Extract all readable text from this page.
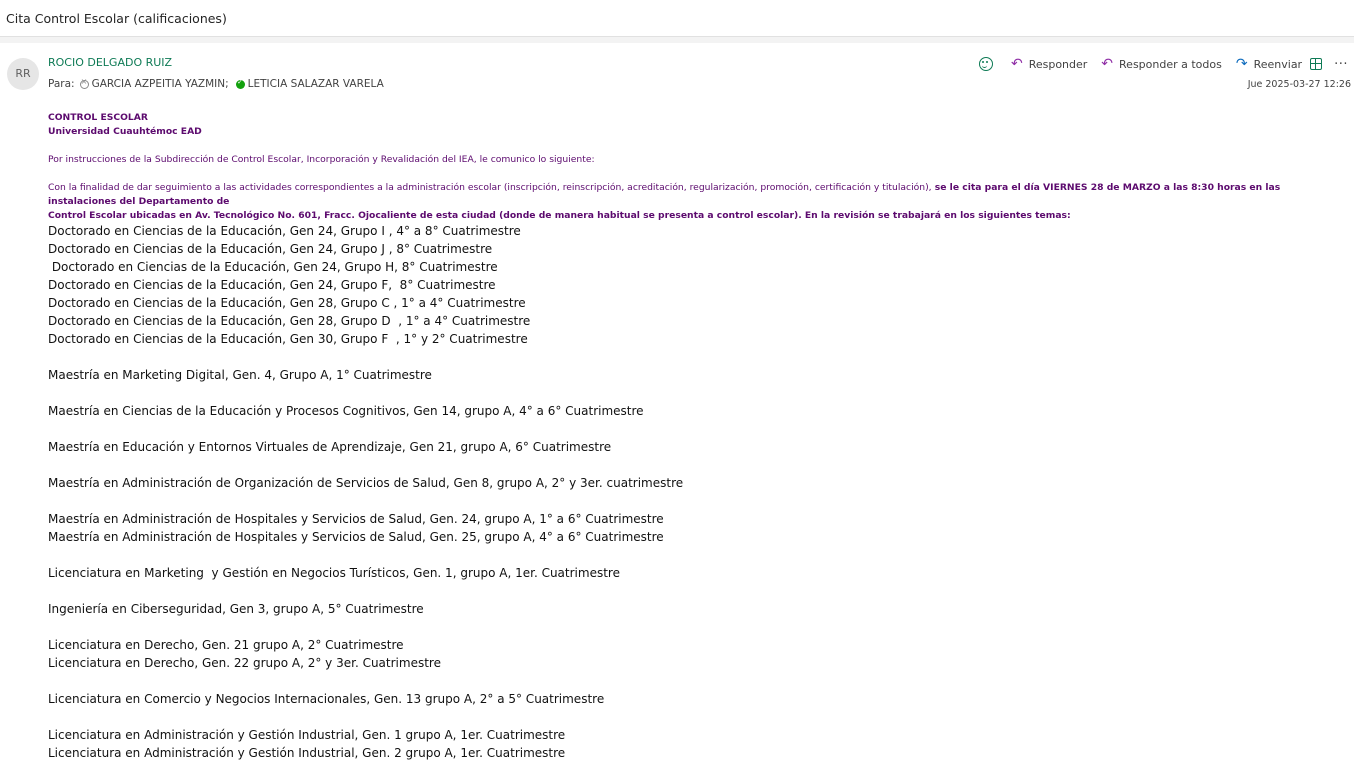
Cita Control Escolar (calificaciones)
RR
ROCIO DELGADO RUIZ
Para: × GARCIA AZPEITIA YAZMIN; ✓ LETICIA SALAZAR VARELA
↶ Responder ↶ Responder a todos ↷ Reenviar ···
Jue 2025-03-27 12:26
CONTROL ESCOLAR
Universidad Cuauhtémoc EAD
Por instrucciones de la Subdirección de Control Escolar, Incorporación y Revalidación del IEA, le comunico lo siguiente:
Con la finalidad de dar seguimiento a las actividades correspondientes a la administración escolar (inscripción, reinscripción, acreditación, regularización, promoción, certificación y titulación), se le cita para el día VIERNES 28 de MARZO a las 8:30 horas en las instalaciones del Departamento de
Control Escolar ubicadas en Av. Tecnológico No. 601, Fracc. Ojocaliente de esta ciudad (donde de manera habitual se presenta a control escolar). En la revisión se trabajará en los siguientes temas:
Doctorado en Ciencias de la Educación, Gen 24, Grupo I , 4° a 8° Cuatrimestre
Doctorado en Ciencias de la Educación, Gen 24, Grupo J , 8° Cuatrimestre
Doctorado en Ciencias de la Educación, Gen 24, Grupo H, 8° Cuatrimestre
Doctorado en Ciencias de la Educación, Gen 24, Grupo F,  8° Cuatrimestre
Doctorado en Ciencias de la Educación, Gen 28, Grupo C , 1° a 4° Cuatrimestre
Doctorado en Ciencias de la Educación, Gen 28, Grupo D  , 1° a 4° Cuatrimestre
Doctorado en Ciencias de la Educación, Gen 30, Grupo F  , 1° y 2° Cuatrimestre
Maestría en Marketing Digital, Gen. 4, Grupo A, 1° Cuatrimestre
Maestría en Ciencias de la Educación y Procesos Cognitivos, Gen 14, grupo A, 4° a 6° Cuatrimestre
Maestría en Educación y Entornos Virtuales de Aprendizaje, Gen 21, grupo A, 6° Cuatrimestre
Maestría en Administración de Organización de Servicios de Salud, Gen 8, grupo A, 2° y 3er. cuatrimestre
Maestría en Administración de Hospitales y Servicios de Salud, Gen. 24, grupo A, 1° a 6° Cuatrimestre
Maestría en Administración de Hospitales y Servicios de Salud, Gen. 25, grupo A, 4° a 6° Cuatrimestre
Licenciatura en Marketing  y Gestión en Negocios Turísticos, Gen. 1, grupo A, 1er. Cuatrimestre
Ingeniería en Ciberseguridad, Gen 3, grupo A, 5° Cuatrimestre
Licenciatura en Derecho, Gen. 21 grupo A, 2° Cuatrimestre
Licenciatura en Derecho, Gen. 22 grupo A, 2° y 3er. Cuatrimestre
Licenciatura en Comercio y Negocios Internacionales, Gen. 13 grupo A, 2° a 5° Cuatrimestre
Licenciatura en Administración y Gestión Industrial, Gen. 1 grupo A, 1er. Cuatrimestre
Licenciatura en Administración y Gestión Industrial, Gen. 2 grupo A, 1er. Cuatrimestre
